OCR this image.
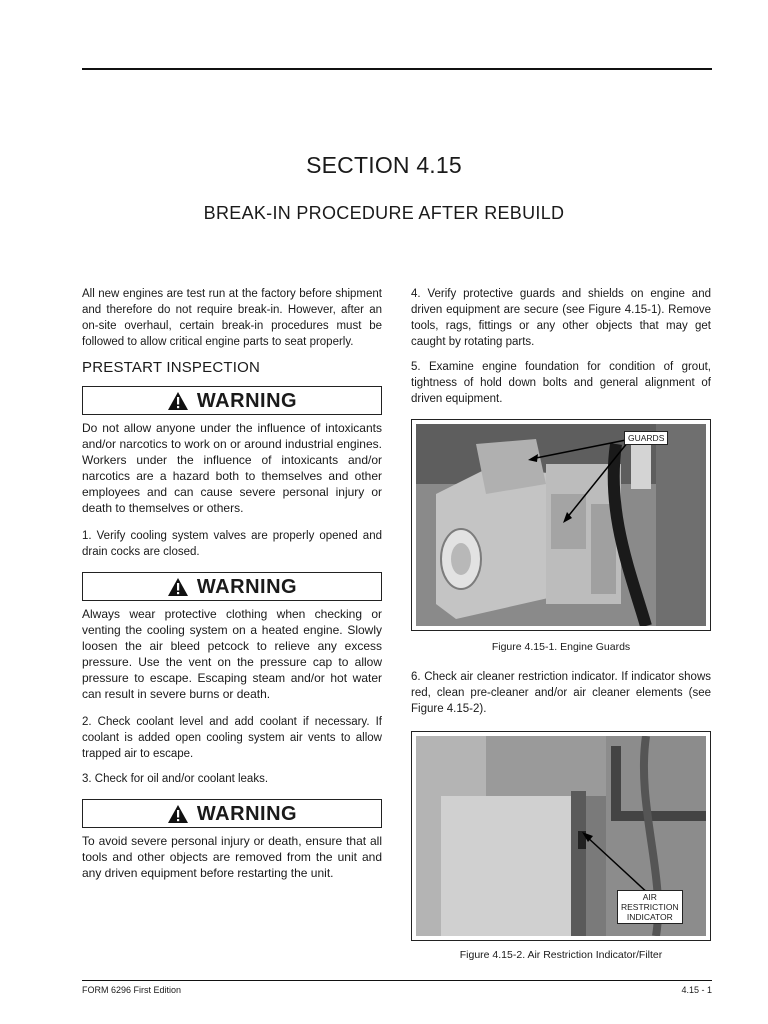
SECTION 4.15
BREAK-IN PROCEDURE AFTER REBUILD

All new engines are test run at the factory before shipment and therefore do not require break-in. However, after an on-site overhaul, certain break-in procedures must be followed to allow critical engine parts to seat properly.

PRESTART INSPECTION
WARNING

Do not allow anyone under the influence of intoxicants and/or narcotics to work on or around industrial engines. Workers under the influence of intoxicants and/or narcotics are a hazard both to themselves and other employees and can cause severe personal injury or death to themselves or others.

1. Verify cooling system valves are properly opened and drain cocks are closed.

WARNING

Always wear protective clothing when checking or venting the cooling system on a heated engine. Slowly loosen the air bleed petcock to relieve any excess pressure. Use the vent on the pressure cap to allow pressure to escape. Escaping steam and/or hot water can result in severe burns or death.

2. Check coolant level and add coolant if necessary. If coolant is added open cooling system air vents to allow trapped air to escape.

3. Check for oil and/or coolant leaks.

WARNING

To avoid severe personal injury or death, ensure that all tools and other objects are removed from the unit and any driven equipment before restarting the unit.

4. Verify protective guards and shields on engine and driven equipment are secure (see Figure 4.15-1). Remove tools, rags, fittings or any other objects that may get caught by rotating parts.

5. Examine engine foundation for condition of grout, tightness of hold down bolts and general alignment of driven equipment.

GUARDS
Figure 4.15-1. Engine Guards

6. Check air cleaner restriction indicator. If indicator shows red, clean pre-cleaner and/or air cleaner elements (see Figure 4.15-2).

AIR
RESTRICTION
INDICATOR
Figure 4.15-2. Air Restriction Indicator/Filter
FORM 6296 First Edition	4.15 - 1
